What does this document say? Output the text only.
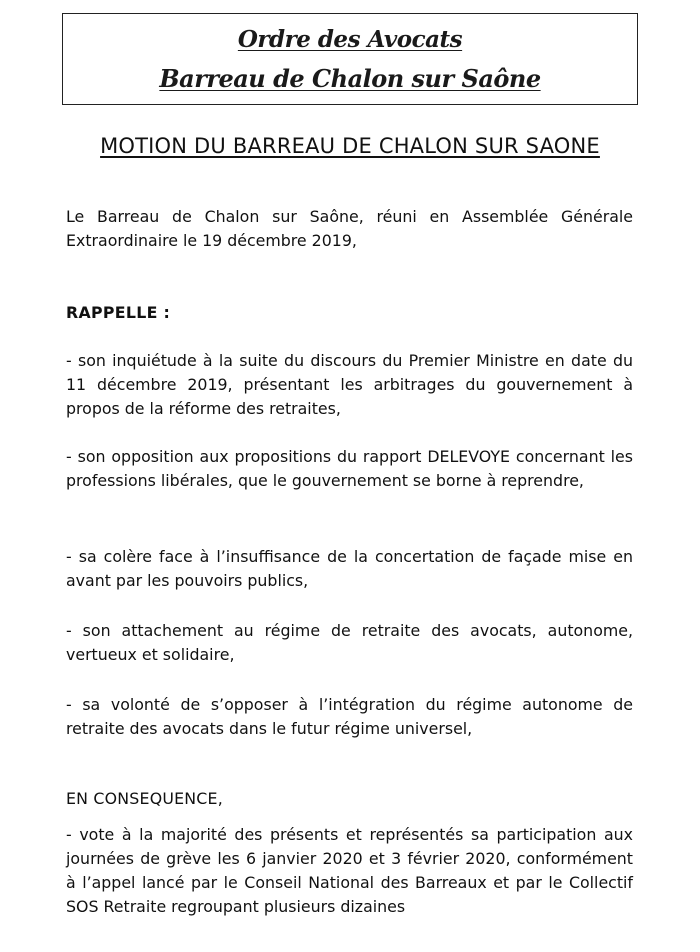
Ordre des Avocats
Barreau de Chalon sur Saône
MOTION DU BARREAU DE CHALON SUR SAONE
Le Barreau de Chalon sur Saône, réuni en Assemblée Générale Extraordinaire le 19 décembre 2019,
RAPPELLE :
- son inquiétude à la suite du discours du Premier Ministre en date du 11 décembre 2019, présentant les arbitrages du gouvernement à propos de la réforme des retraites,
- son opposition aux propositions du rapport DELEVOYE concernant les professions libérales, que le gouvernement se borne à reprendre,
- sa colère face à l’insuffisance de la concertation de façade mise en avant par les pouvoirs publics,
- son attachement au régime de retraite des avocats, autonome, vertueux et solidaire,
- sa volonté de s’opposer à l’intégration du régime autonome de retraite des avocats dans le futur régime universel,
EN CONSEQUENCE,
- vote à la majorité des présents et représentés sa participation aux journées de grève les 6 janvier 2020 et 3 février 2020, conformément à l’appel lancé par le Conseil National des Barreaux et par le Collectif SOS Retraite regroupant plusieurs dizaines
